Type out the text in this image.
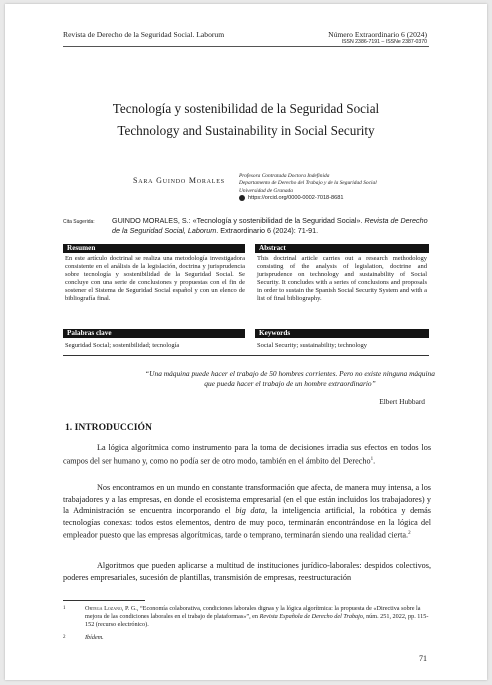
Revista de Derecho de la Seguridad Social. Laborum	Número Extraordinario 6 (2024)
ISSN 2386-7191 – ISSNe 2387-0370
Tecnología y sostenibilidad de la Seguridad Social
Technology and Sustainability in Social Security
Sara Guindo Morales	Profesora Contratada Doctora Indefinida
Departamento de Derecho del Trabajo y de la Seguridad Social
Universidad de Granada
https://orcid.org/0000-0002-7018-8681
Cita Sugerida: GUINDO MORALES, S.: «Tecnología y sostenibilidad de la Seguridad Social». Revista de Derecho de la Seguridad Social, Laborum. Extraordinario 6 (2024): 71-91.
Resumen	Abstract
En este artículo doctrinal se realiza una metodología investigadora consistente en el análisis de la legislación, doctrina y jurisprudencia sobre tecnología y sostenibilidad de la Seguridad Social. Se concluye con una serie de conclusiones y propuestas con el fin de sostener el Sistema de Seguridad Social español y con un elenco de bibliografía final.
This doctrinal article carries out a research methodology consisting of the analysis of legislation, doctrine and jurisprudence on technology and sustainability of Social Security. It concludes with a series of conclusions and proposals in order to sustain the Spanish Social Security System and with a list of final bibliography.
Palabras clave	Keywords
Seguridad Social; sostenibilidad; tecnología	Social Security; sustainability; technology
“Una máquina puede hacer el trabajo de 50 hombres corrientes. Pero no existe ninguna máquina que pueda hacer el trabajo de un hombre extraordinario”
Elbert Hubbard
1. INTRODUCCIÓN
La lógica algorítmica como instrumento para la toma de decisiones irradia sus efectos en todos los campos del ser humano y, como no podía ser de otro modo, también en el ámbito del Derecho$^1$.
Nos encontramos en un mundo en constante transformación que afecta, de manera muy intensa, a los trabajadores y a las empresas, en donde el ecosistema empresarial (en el que están incluidos los trabajadores) y la Administración se encuentra incorporando el big data, la inteligencia artificial, la robótica y demás tecnologías conexas: todos estos elementos, dentro de muy poco, terminarán encontrándose en la lógica del empleador puesto que las empresas algorítmicas, tarde o temprano, terminarán siendo una realidad cierta.$^2$
Algoritmos que pueden aplicarse a multitud de instituciones jurídico-laborales: despidos colectivos, poderes empresariales, sucesión de plantillas, transmisión de empresas, reestructuración
1	Ortega Lozano, P. G., “Economía colaborativa, condiciones laborales dignas y la lógica algorítmica: la propuesta de «Directiva sobre la mejora de las condiciones laborales en el trabajo de plataformas»”, en Revista Española de Derecho del Trabajo, núm. 251, 2022, pp. 115-152 (recurso electrónico).
2	Ibídem.
71
